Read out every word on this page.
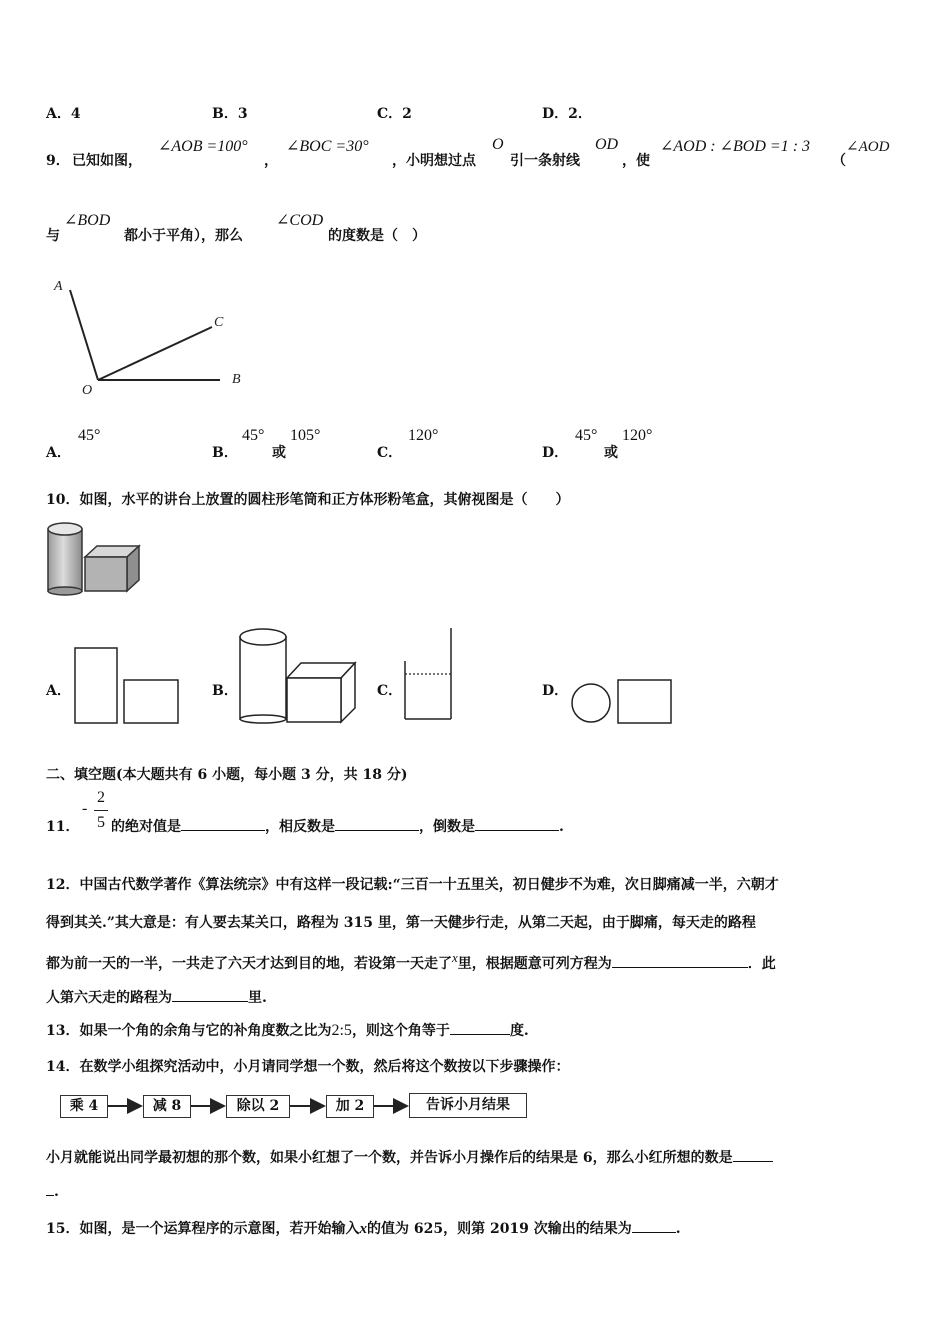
A．4	B．3	C．2	D．2．
9． 已知如图，
∠AOB =100°
，
∠BOC =30°
，小明想过点
O
引一条射线
OD
，使
∠AOD : ∠BOD =1 : 3
（
∠AOD
与
∠BOD
都小于平角），那么
∠COD
的度数是（　）
A
C
O
B
A．
45°
B．
45°
或
105°
C．
120°
D．
45°
或
120°
10．如图，水平的讲台上放置的圆柱形笔筒和正方体形粉笔盒，其俯视图是（　　）
A．	B．	C．	D．
二、填空题(本大题共有 6 小题，每小题 3 分，共 18 分)
11．
-
2
5 的绝对值是	，相反数是	，倒数是	.
12．中国古代数学著作《算法统宗》中有这样一段记载:“三百一十五里关，初日健步不为难，次日脚痛减一半，六朝才
得到其关.”其大意是：有人要去某关口，路程为 315 里，第一天健步行走，从第二天起，由于脚痛，每天走的路程
都为前一天的一半，一共走了六天才达到目的地，若设第一天走了x里，根据题意可列方程为	．此
人第六天走的路程为	里.
13．如果一个角的余角与它的补角度数之比为2:5，则这个角等于	度.
14．在数学小组探究活动中，小月请同学想一个数，然后将这个数按以下步骤操作：
乘 4	减 8	除以 2	加 2	告诉小月结果
小月就能说出同学最初想的那个数，如果小红想了一个数，并告诉小月操作后的结果是 6，那么小红所想的数是
.
15．如图，是一个运算程序的示意图，若开始输入x的值为 625，则第 2019 次输出的结果为	.
